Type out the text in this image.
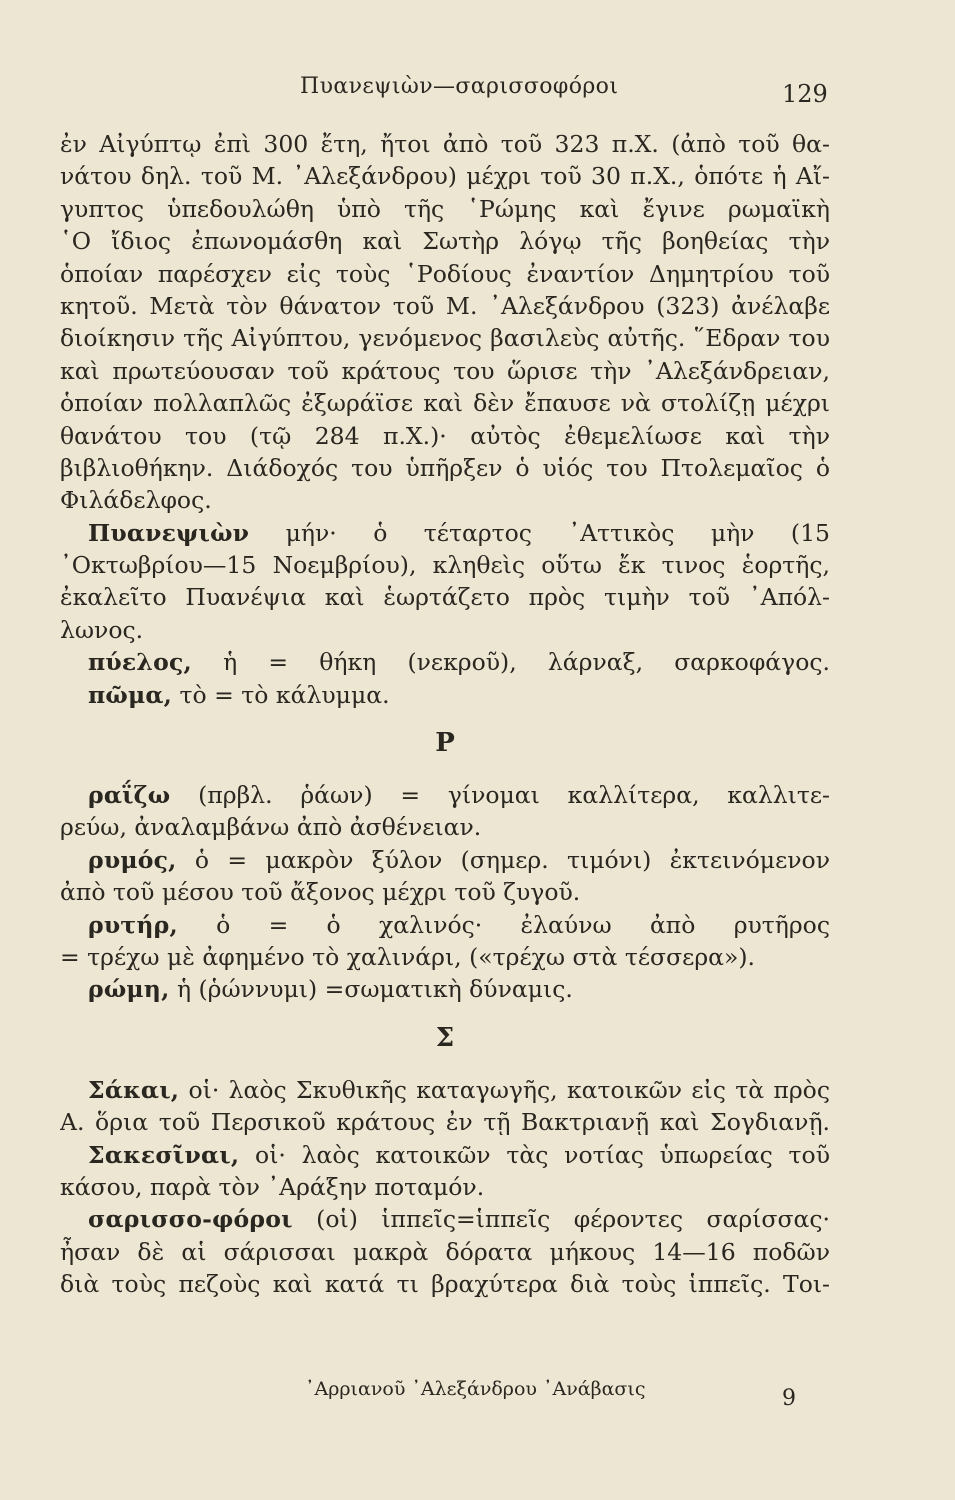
Πυανεψιὼν—σαρισσοφόροι	129
ἐν Αἰγύπτῳ ἐπὶ 300 ἔτη, ἤτοι ἀπὸ τοῦ 323 π.Χ. (ἀπὸ τοῦ θα-
νάτου δηλ. τοῦ Μ. ᾿Αλεξάνδρου) μέχρι τοῦ 30 π.Χ., ὁπότε ἡ Αἴ-
γυπτος ὑπεδουλώθη ὑπὸ τῆς ῾Ρώμης καὶ ἔγινε ρωμαϊκὴ
῾Ο ἴδιος ἐπωνομάσθη καὶ Σωτὴρ λόγῳ τῆς βοηθείας τὴν
ὁποίαν παρέσχεν εἰς τοὺς ῾Ροδίους ἐναντίον Δημητρίου τοῦ
κητοῦ. Μετὰ τὸν θάνατον τοῦ Μ. ᾿Αλεξάνδρου (323) ἀνέλαβε
διοίκησιν τῆς Αἰγύπτου, γενόμενος βασιλεὺς αὐτῆς. ῞Εδραν του
καὶ πρωτεύουσαν τοῦ κράτους του ὥρισε τὴν ᾿Αλεξάνδρειαν,
ὁποίαν πολλαπλῶς ἐξωράϊσε καὶ δὲν ἔπαυσε νὰ στολίζῃ μέχρι
θανάτου του (τῷ 284 π.Χ.)· αὐτὸς ἐθεμελίωσε καὶ τὴν
βιβλιοθήκην. Διάδοχός του ὑπῆρξεν ὁ υἱός του Πτολεμαῖος ὁ
Φιλάδελφος.
Πυανεψιὼν μήν· ὁ τέταρτος ᾿Αττικὸς μὴν (15
᾿Οκτωβρίου—15 Νοεμβρίου), κληθεὶς οὕτω ἔκ τινος ἑορτῆς,
ἐκαλεῖτο Πυανέψια καὶ ἑωρτάζετο πρὸς τιμὴν τοῦ ᾿Απόλ-
λωνος.
πύελος, ἡ = θήκη (νεκροῦ), λάρναξ, σαρκοφάγος.
πῶμα, τὸ = τὸ κάλυμμα.
Ρ
ραΐζω (πρβλ. ῥάων) = γίνομαι καλλίτερα, καλλιτε-
ρεύω, ἀναλαμβάνω ἀπὸ ἀσθένειαν.
ρυμός, ὁ = μακρὸν ξύλον (σημερ. τιμόνι) ἐκτεινόμενον
ἀπὸ τοῦ μέσου τοῦ ἄξονος μέχρι τοῦ ζυγοῦ.
ρυτήρ, ὁ = ὁ χαλινός· ἐλαύνω ἀπὸ ρυτῆρος
= τρέχω μὲ ἀφημένο τὸ χαλινάρι, («τρέχω στὰ τέσσερα»).
ρώμη, ἡ (ῥώννυμι) =σωματικὴ δύναμις.
Σ
Σάκαι, οἱ· λαὸς Σκυθικῆς καταγωγῆς, κατοικῶν εἰς τὰ πρὸς
Α. ὅρια τοῦ Περσικοῦ κράτους ἐν τῇ Βακτριανῇ καὶ Σογδιανῇ.
Σακεσῖναι, οἱ· λαὸς κατοικῶν τὰς νοτίας ὑπωρείας τοῦ
κάσου, παρὰ τὸν ᾿Αράξην ποταμόν.
σαρισσο-φόροι (οἱ) ἱππεῖς=ἱππεῖς φέροντες σαρίσσας·
ἦσαν δὲ αἱ σάρισσαι μακρὰ δόρατα μήκους 14—16 ποδῶν
διὰ τοὺς πεζοὺς καὶ κατά τι βραχύτερα διὰ τοὺς ἱππεῖς. Τοι-
᾿Αρριανοῦ ᾿Αλεξάνδρου ᾿Ανάβασις	9
